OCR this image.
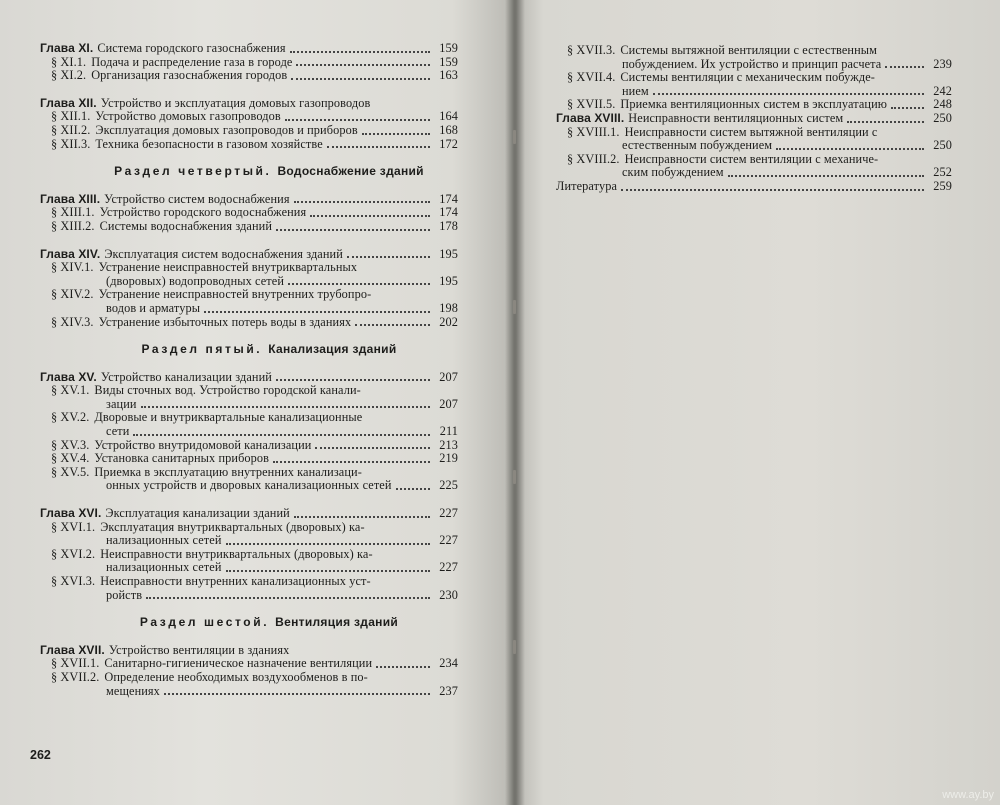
Глава XI. Система городского газоснабжения	159
§ XI.1. Подача и распределение газа в городе	159
§ XI.2. Организация газоснабжения городов	163
Глава XII. Устройство и эксплуатация домовых газопроводов
§ XII.1. Устройство домовых газопроводов	164
§ XII.2. Эксплуатация домовых газопроводов и приборов	168
§ XII.3. Техника безопасности в газовом хозяйстве	172
Раздел четвертый. Водоснабжение зданий
Глава XIII. Устройство систем водоснабжения	174
§ XIII.1. Устройство городского водоснабжения	174
§ XIII.2. Системы водоснабжения зданий	178
Глава XIV. Эксплуатация систем водоснабжения зданий	195
§ XIV.1. Устранение неисправностей внутриквартальных
(дворовых) водопроводных сетей	195
§ XIV.2. Устранение неисправностей внутренних трубопро-
водов и арматуры	198
§ XIV.3. Устранение избыточных потерь воды в зданиях	202
Раздел пятый. Канализация зданий
Глава XV. Устройство канализации зданий	207
§ XV.1. Виды сточных вод. Устройство городской канали-
зации	207
§ XV.2. Дворовые и внутриквартальные канализационные
сети	211
§ XV.3. Устройство внутридомовой канализации	213
§ XV.4. Установка санитарных приборов	219
§ XV.5. Приемка в эксплуатацию внутренних канализаци-
онных устройств и дворовых канализационных сетей	225
Глава XVI. Эксплуатация канализации зданий	227
§ XVI.1. Эксплуатация внутриквартальных (дворовых) ка-
нализационных сетей	227
§ XVI.2. Неисправности внутриквартальных (дворовых) ка-
нализационных сетей	227
§ XVI.3. Неисправности внутренних канализационных уст-
ройств	230
Раздел шестой. Вентиляция зданий
Глава XVII. Устройство вентиляции в зданиях
§ XVII.1. Санитарно-гигиеническое назначение вентиляции	234
§ XVII.2. Определение необходимых воздухообменов в по-
мещениях	237
§ XVII.3. Системы вытяжной вентиляции с естественным
побуждением. Их устройство и принцип расчета	239
§ XVII.4. Системы вентиляции с механическим побужде-
нием	242
§ XVII.5. Приемка вентиляционных систем в эксплуатацию	248
Глава XVIII. Неисправности вентиляционных систем	250
§ XVIII.1. Неисправности систем вытяжной вентиляции с
естественным побуждением	250
§ XVIII.2. Неисправности систем вентиляции с механиче-
ским побуждением	252
Литература	259
262
www.ay.by
